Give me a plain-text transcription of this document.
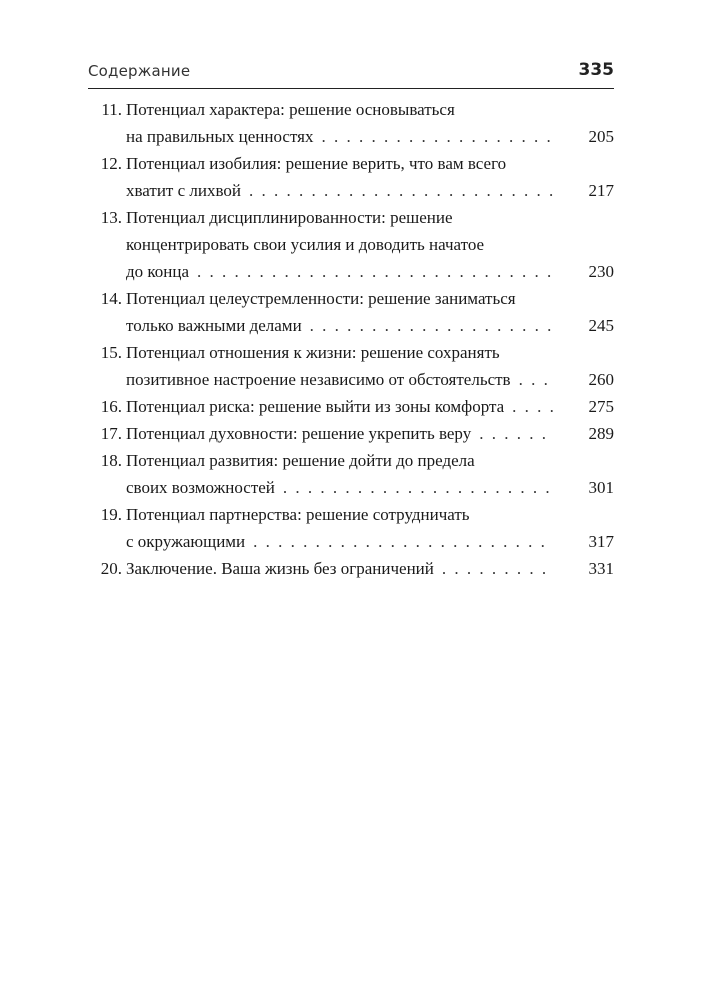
Содержание	335
11. Потенциал характера: решение основываться
на правильных ценностях . . .	205
12. Потенциал изобилия: решение верить, что вам всего
хватит с лихвой . . .	217
13. Потенциал дисциплинированности: решение
концентрировать свои усилия и доводить начатое
до конца . . .	230
14. Потенциал целеустремленности: решение заниматься
только важными делами . . .	245
15. Потенциал отношения к жизни: решение сохранять
позитивное настроение независимо от обстоятельств . . .	260
16. Потенциал риска: решение выйти из зоны комфорта . . .	275
17. Потенциал духовности: решение укрепить веру . . .	289
18. Потенциал развития: решение дойти до предела
своих возможностей . . .	301
19. Потенциал партнерства: решение сотрудничать
с окружающими . . .	317
20. Заключение. Ваша жизнь без ограничений . . .	331
